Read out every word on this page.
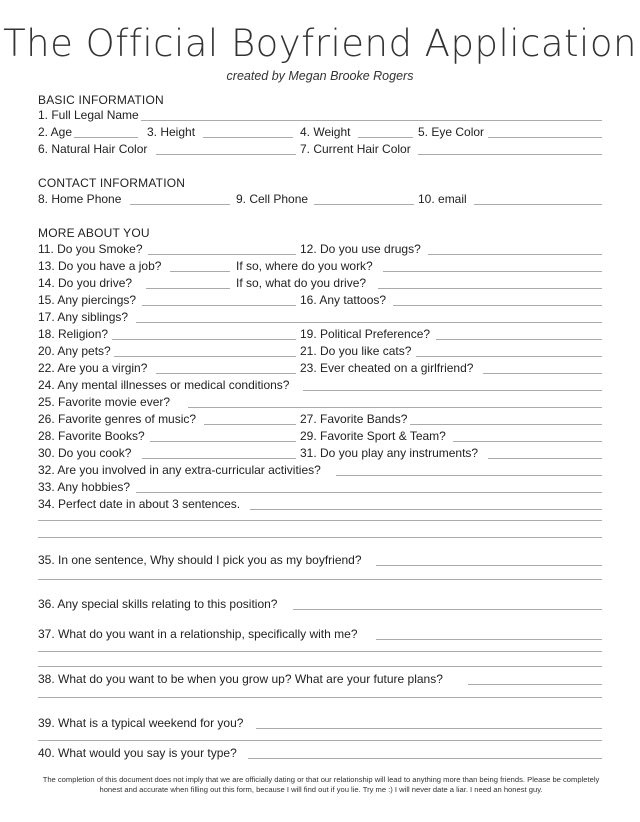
The Official Boyfriend Application

created by Megan Brooke Rogers

BASIC INFORMATION
1. Full Legal Name
2. Age	3. Height	4. Weight	5. Eye Color
6. Natural Hair Color	7. Current Hair Color
CONTACT INFORMATION
8. Home Phone	9. Cell Phone	10. email
MORE ABOUT YOU
11. Do you Smoke?	12. Do you use drugs?
13. Do you have a job?	If so, where do you work?
14. Do you drive?	If so, what do you drive?
15. Any piercings?	16. Any tattoos?
17. Any siblings?
18. Religion?	19. Political Preference?
20. Any pets?	21. Do you like cats?
22. Are you a virgin?	23. Ever cheated on a girlfriend?
24. Any mental illnesses or medical conditions?
25. Favorite movie ever?
26. Favorite genres of music?	27. Favorite Bands?
28. Favorite Books?	29. Favorite Sport & Team?
30. Do you cook?	31. Do you play any instruments?
32. Are you involved in any extra-curricular activities?
33. Any hobbies?
34. Perfect date in about 3 sentences.
35. In one sentence, Why should I pick you as my boyfriend?
36. Any special skills relating to this position?
37. What do you want in a relationship, specifically with me?
38. What do you want to be when you grow up? What are your future plans?
39. What is a typical weekend for you?
40. What would you say is your type?

The completion of this document does not imply that we are officially dating or that our relationship will lead to anything more than being friends. Please be completely honest and accurate when filling out this form, because I will find out if you lie. Try me :) I will never date a liar. I need an honest guy.
